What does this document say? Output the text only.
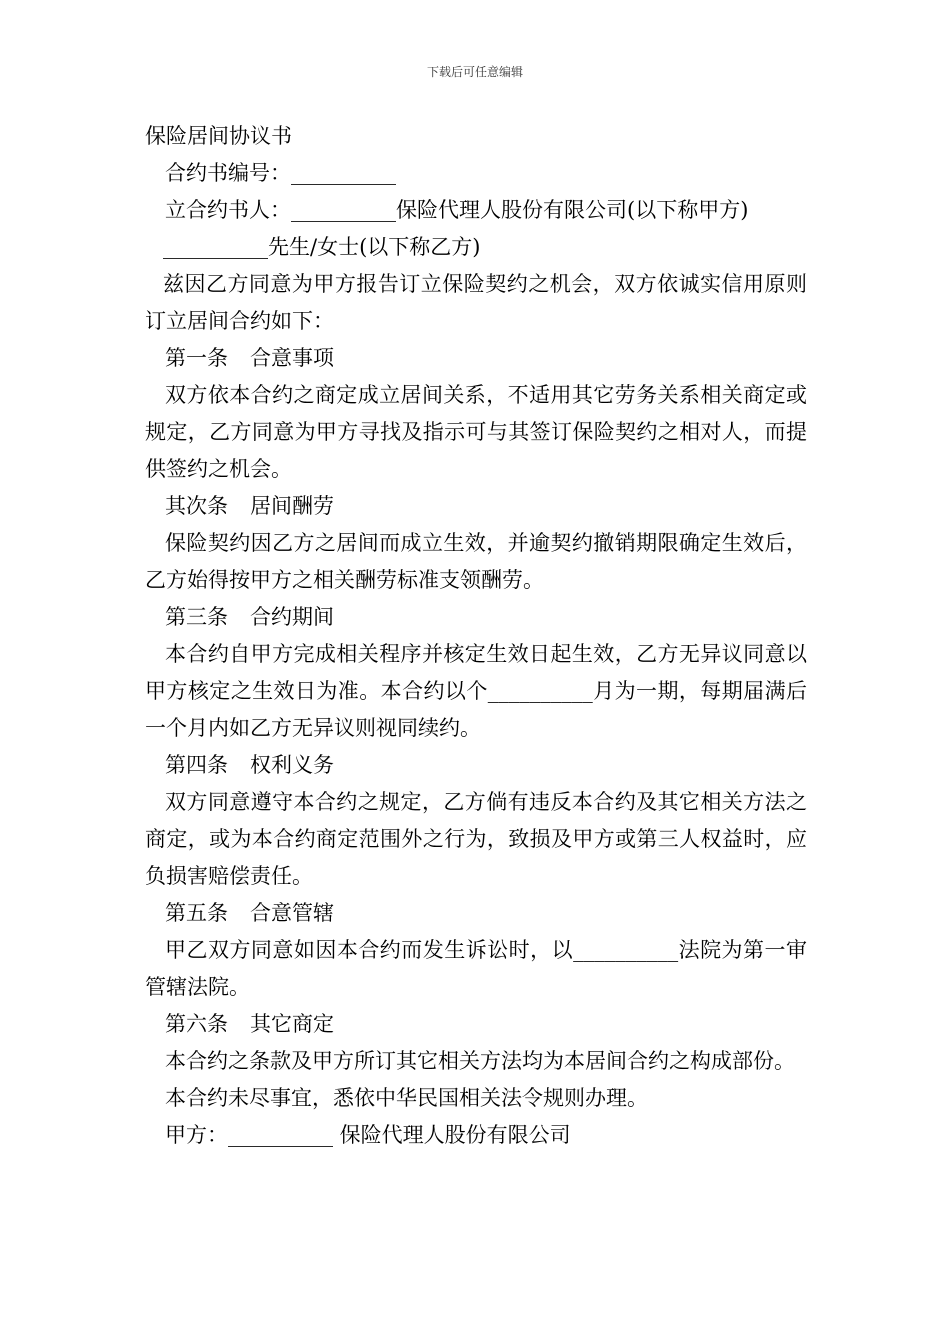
下载后可任意编辑

保险居间协议书

合约书编号：__________

立合约书人：__________保险代理人股份有限公司(以下称甲方)

__________先生/女士(以下称乙方)

兹因乙方同意为甲方报告订立保险契约之机会，双方依诚实信用原则订立居间合约如下：

第一条 合意事项

双方依本合约之商定成立居间关系，不适用其它劳务关系相关商定或规定，乙方同意为甲方寻找及指示可与其签订保险契约之相对人，而提供签约之机会。

其次条 居间酬劳

保险契约因乙方之居间而成立生效，并逾契约撤销期限确定生效后，乙方始得按甲方之相关酬劳标准支领酬劳。

第三条 合约期间

本合约自甲方完成相关程序并核定生效日起生效，乙方无异议同意以甲方核定之生效日为准。本合约以个__________月为一期，每期届满后一个月内如乙方无异议则视同续约。

第四条 权利义务

双方同意遵守本合约之规定，乙方倘有违反本合约及其它相关方法之商定，或为本合约商定范围外之行为，致损及甲方或第三人权益时，应负损害赔偿责任。

第五条 合意管辖

甲乙双方同意如因本合约而发生诉讼时，以__________法院为第一审管辖法院。

第六条 其它商定

本合约之条款及甲方所订其它相关方法均为本居间合约之构成部份。

本合约未尽事宜，悉依中华民国相关法令规则办理。

甲方：__________ 保险代理人股份有限公司
